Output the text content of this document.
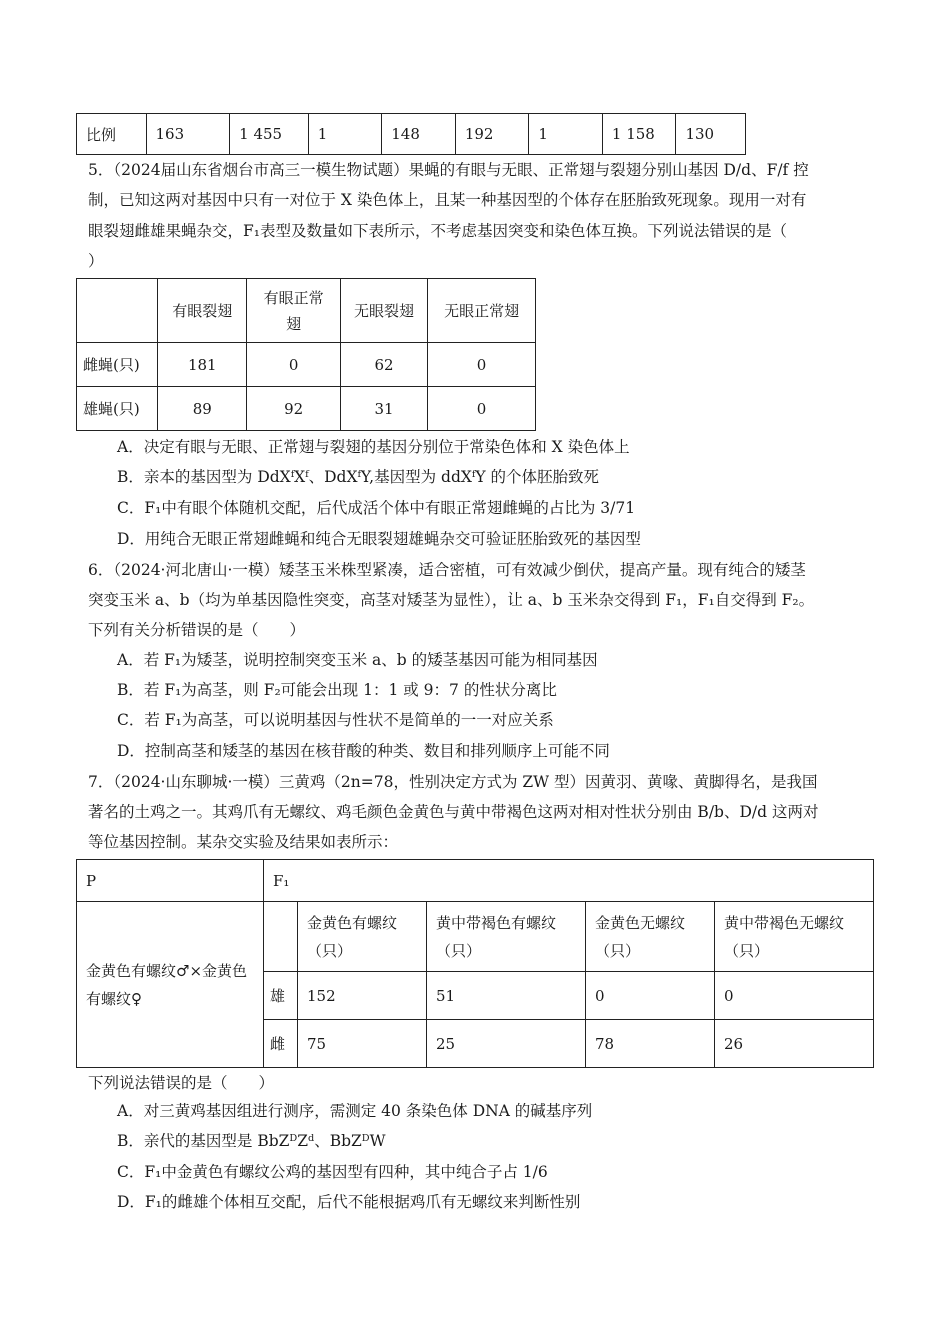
比例	163	1 455	1	148	192	1	1 158	130
5．（2024届山东省烟台市高三一模生物试题）果蝇的有眼与无眼、正常翅与裂翅分别山基因 D/d、F/f 控
制，已知这两对基因中只有一对位于 X 染色体上，且某一种基因型的个体存在胚胎致死现象。现用一对有
眼裂翅雌雄果蝇杂交，F₁表型及数量如下表所示，不考虑基因突变和染色体互换。下列说法错误的是（
）
	有眼裂翅	有眼正常翅	无眼裂翅	无眼正常翅
雌蝇(只)	181	0	62	0
雄蝇(只)	89	92	31	0
A．决定有眼与无眼、正常翅与裂翅的基因分别位于常染色体和 X 染色体上
B．亲本的基因型为 DdXᶠXᶠ、DdXᶠY,基因型为 ddXᶠY 的个体胚胎致死
C．F₁中有眼个体随机交配，后代成活个体中有眼正常翅雌蝇的占比为 3/71
D．用纯合无眼正常翅雌蝇和纯合无眼裂翅雄蝇杂交可验证胚胎致死的基因型
6．（2024·河北唐山·一模）矮茎玉米株型紧凑，适合密植，可有效减少倒伏，提高产量。现有纯合的矮茎
突变玉米 a、b（均为单基因隐性突变，高茎对矮茎为显性），让 a、b 玉米杂交得到 F₁，F₁自交得到 F₂。
下列有关分析错误的是（　　）
A．若 F₁为矮茎，说明控制突变玉米 a、b 的矮茎基因可能为相同基因
B．若 F₁为高茎，则 F₂可能会出现 1：1 或 9：7 的性状分离比
C．若 F₁为高茎，可以说明基因与性状不是简单的一一对应关系
D．控制高茎和矮茎的基因在核苷酸的种类、数目和排列顺序上可能不同
7．（2024·山东聊城·一模）三黄鸡（2n=78，性别决定方式为 ZW 型）因黄羽、黄喙、黄脚得名，是我国
著名的土鸡之一。其鸡爪有无螺纹、鸡毛颜色金黄色与黄中带褐色这两对相对性状分别由 B/b、D/d 这两对
等位基因控制。某杂交实验及结果如表所示：
P	F₁				
金黄色有螺纹♂×金黄色有螺纹♀		金黄色有螺纹（只）	黄中带褐色有螺纹（只）	金黄色无螺纹（只）	黄中带褐色无螺纹（只）
	雄	152	51	0	0
	雌	75	25	78	26
下列说法错误的是（　　）
A．对三黄鸡基因组进行测序，需测定 40 条染色体 DNA 的碱基序列
B．亲代的基因型是 BbZᴰZᵈ、BbZᴰW
C．F₁中金黄色有螺纹公鸡的基因型有四种，其中纯合子占 1/6
D．F₁的雌雄个体相互交配，后代不能根据鸡爪有无螺纹来判断性别
